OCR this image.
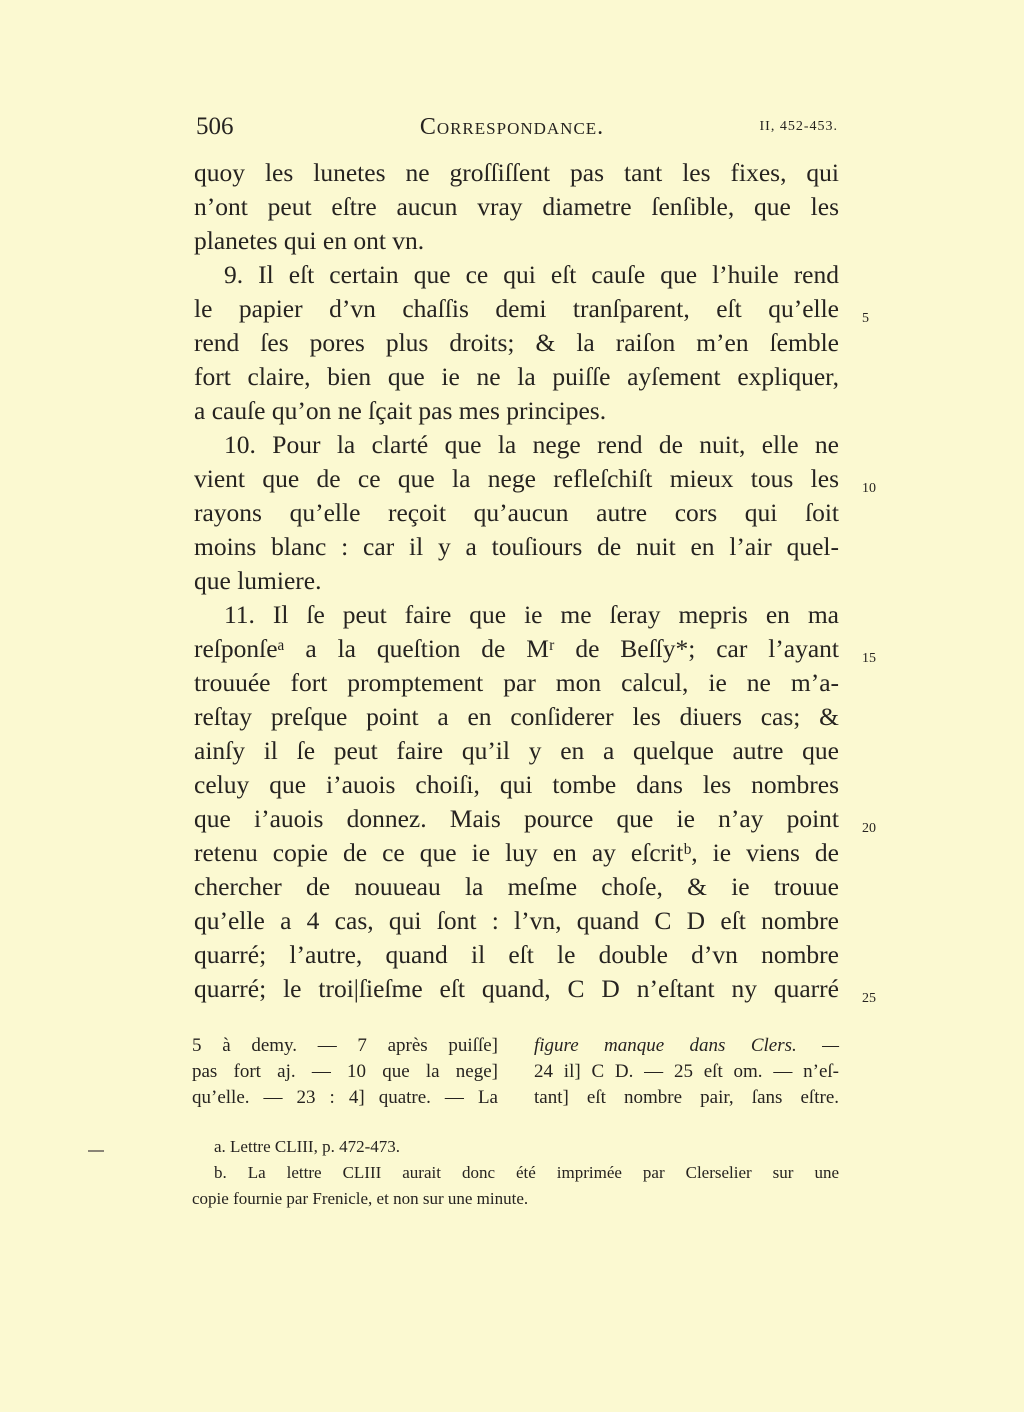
506	Correspondance.	II, 452-453.
quoy les lunetes ne groſſiſſent pas tant les fixes, qui
n’ont peut eſtre aucun vray diametre ſenſible, que les
planetes qui en ont vn.
9. Il eſt certain que ce qui eſt cauſe que l’huile rend
le papier d’vn chaſſis demi tranſparent, eſt qu’elle
rend ſes pores plus droits; & la raiſon m’en ſemble
fort claire, bien que ie ne la puiſſe ayſement expliquer,
a cauſe qu’on ne ſçait pas mes principes.
10. Pour la clarté que la nege rend de nuit, elle ne
vient que de ce que la nege refleſchiſt mieux tous les
rayons qu’elle reçoit qu’aucun autre cors qui ſoit
moins blanc : car il y a touſiours de nuit en l’air quel-
que lumiere.
11. Il ſe peut faire que ie me ſeray mepris en ma
reſponſeᵃ a la queſtion de Mʳ de Beſſy*; car l’ayant
trouuée fort promptement par mon calcul, ie ne m’a-
reſtay preſque point a en conſiderer les diuers cas; &
ainſy il ſe peut faire qu’il y en a quelque autre que
celuy que i’auois choiſi, qui tombe dans les nombres
que i’auois donnez. Mais pource que ie n’ay point
retenu copie de ce que ie luy en ay eſcritᵇ, ie viens de
chercher de nouueau la meſme choſe, & ie trouue
qu’elle a 4 cas, qui ſont : l’vn, quand C D eſt nombre
quarré; l’autre, quand il eſt le double d’vn nombre
quarré; le troi|ſieſme eſt quand, C D n’eſtant ny quarré
5
10
15
20
25
5 à demy. — 7 après puiſſe]
pas fort aj. — 10 que la nege]
qu’elle. — 23 : 4] quatre. — La
figure manque dans Clers. —
24 il] C D. — 25 eſt om. — n’eſ-
tant] eſt nombre pair, ſans eſtre.
a. Lettre CLIII, p. 472-473.
b. La lettre CLIII aurait donc été imprimée par Clerselier sur une
copie fournie par Frenicle, et non sur une minute.
